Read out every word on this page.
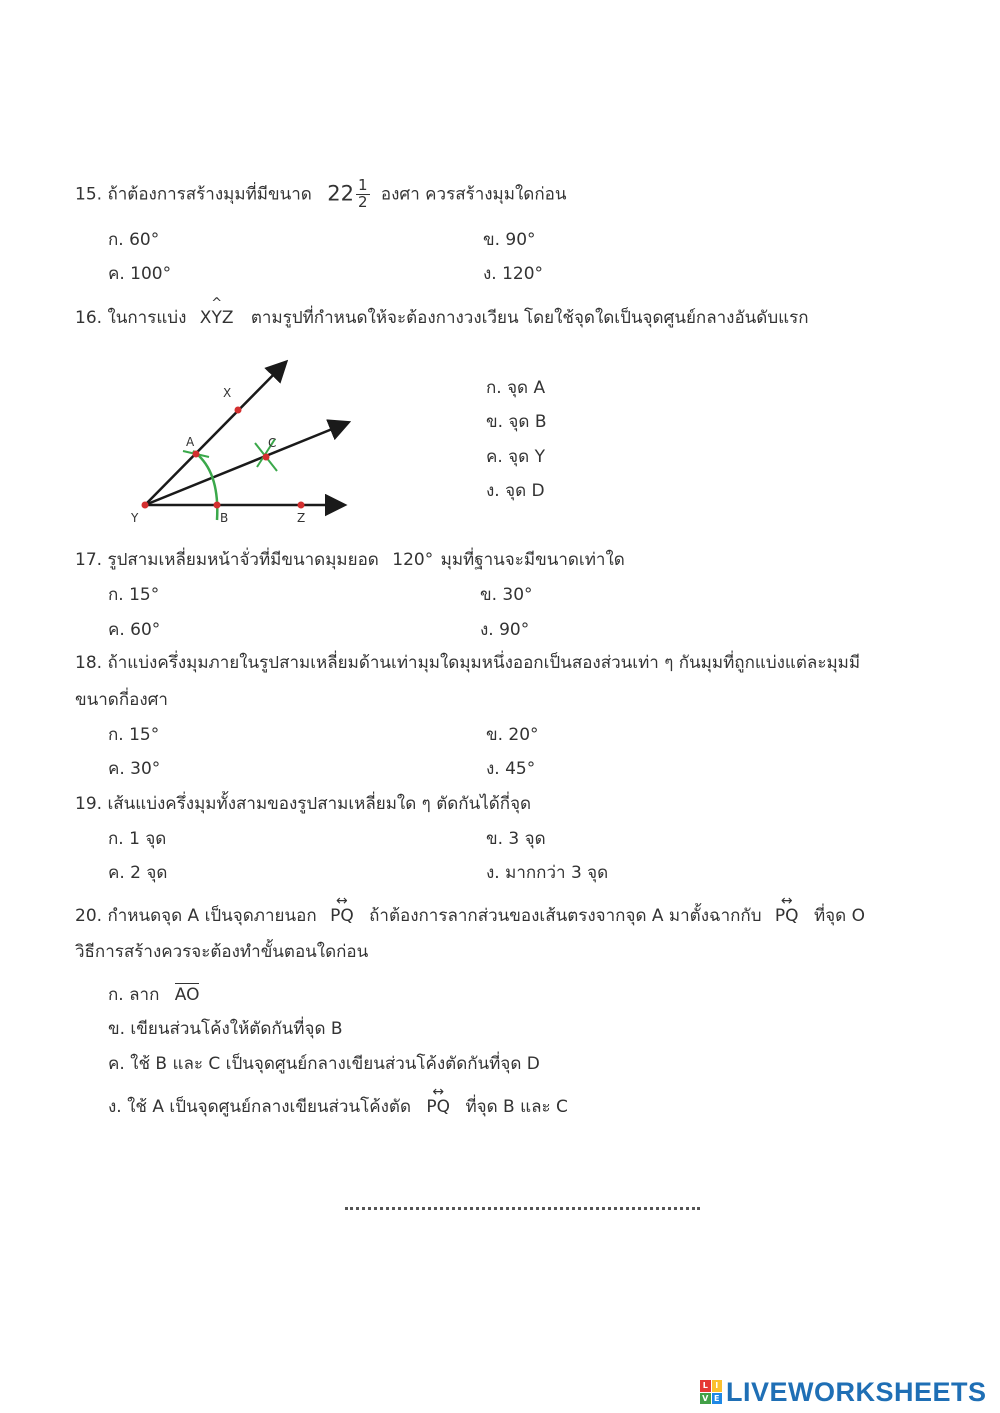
15. ถ้าต้องการสร้างมุมที่มีขนาด $22 \frac{1}{2}$ องศา ควรสร้างมุมใดก่อน
ก. 60°	ข. 90°
ค. 100°	ง. 120°
16. ในการแบ่ง ^ XYZ ตามรูปที่กำหนดให้จะต้องกางวงเวียน โดยใช้จุดใดเป็นจุดศูนย์กลางอันดับแรก
X
A	C
Y	B	Z
ก. จุด A
ข. จุด B
ค. จุด Y
ง. จุด D
17. รูปสามเหลี่ยมหน้าจั่วที่มีขนาดมุมยอด 120° มุมที่ฐานจะมีขนาดเท่าใด
ก. 15°	ข. 30°
ค. 60°	ง. 90°
18. ถ้าแบ่งครึ่งมุมภายในรูปสามเหลี่ยมด้านเท่ามุมใดมุมหนึ่งออกเป็นสองส่วนเท่า ๆ กันมุมที่ถูกแบ่งแต่ละมุมมี
ขนาดกี่องศา
ก. 15°	ข. 20°
ค. 30°	ง. 45°
19. เส้นแบ่งครึ่งมุมทั้งสามของรูปสามเหลี่ยมใด ๆ ตัดกันได้กี่จุด
ก. 1 จุด	ข. 3 จุด
ค. 2 จุด	ง. มากกว่า 3 จุด
20. กำหนดจุด A เป็นจุดภายนอก ↔ PQ ถ้าต้องการลากส่วนของเส้นตรงจากจุด A มาตั้งฉากกับ ↔ PQ ที่จุด O
วิธีการสร้างควรจะต้องทำขั้นตอนใดก่อน
ก. ลาก AO
ข. เขียนส่วนโค้งให้ตัดกันที่จุด B
ค. ใช้ B และ C เป็นจุดศูนย์กลางเขียนส่วนโค้งตัดกันที่จุด D
ง. ใช้ A เป็นจุดศูนย์กลางเขียนส่วนโค้งตัด ↔ PQ ที่จุด B และ C
L I
V E LIVEWORKSHEETS
